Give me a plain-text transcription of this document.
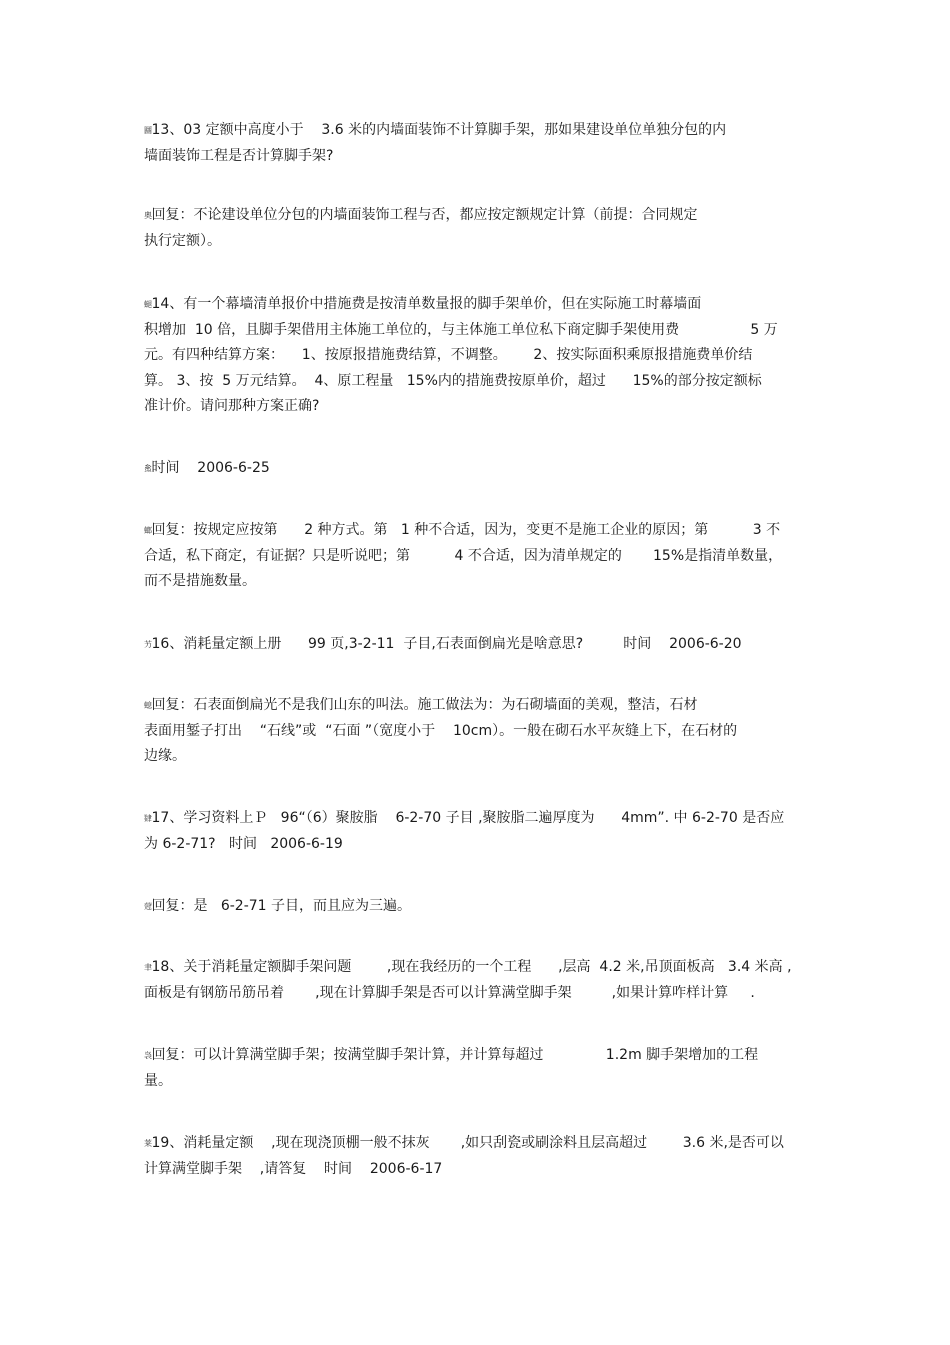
圝13、03 定额中高度小于    3.6 米的内墙面装饰不计算脚手架，那如果建设单位单独分包的内
墙面装饰工程是否计算脚手架?
奧回复：不论建设单位分包的内墙面装饰工程与否，都应按定额规定计算（前提：合同规定
执行定额）。
螁14、有一个幕墙清单报价中措施费是按清单数量报的脚手架单价，但在实际施工时幕墙面
积增加  10 倍，且脚手架借用主体施工单位的，与主体施工单位私下商定脚手架使用费                5 万
元。有四种结算方案：    1、按原报措施费结算，不调整。      2、按实际面积乘原报措施费单价结
算。 3、按  5 万元结算。  4、原工程量   15%内的措施费按原单价，超过      15%的部分按定额标
准计价。请问那种方案正确?
蚃时间    2006-6-25
螂回复：按规定应按第      2 种方式。第   1 种不合适，因为，变更不是施工企业的原因；第          3 不
合适，私下商定，有证据？只是听说吧；第          4 不合适，因为清单规定的       15%是指清单数量，
而不是措施数量。
艻16、消耗量定额上册      99 页,3-2-11  子目,石表面倒扁光是啥意思?         时间    2006-6-20
螅回复：石表面倒扁光不是我们山东的叫法。施工做法为：为石砌墙面的美观，整洁，石材
表面用錾子打出    “石线”或  “石面 ”（宽度小于    10cm）。一般在砌石水平灰缝上下，在石材的
边缘。
肄17、学习资料上Ｐ   96“（6）聚胺脂    6-2-70 子目 ,聚胺脂二遍厚度为      4mm”. 中 6-2-70 是否应
为 6-2-71?   时间   2006-6-19
蒄回复：是   6-2-71 子目，而且应为三遍。
聿18、关于消耗量定额脚手架问题        ,现在我经历的一个工程      ,层高  4.2 米,吊顶面板高   3.4 米高 ,
面板是有钢筋吊筋吊着       ,现在计算脚手架是否可以计算满堂脚手架         ,如果计算咋样计算     .
袅回复：可以计算满堂脚手架；按满堂脚手架计算，并计算每超过              1.2m 脚手架增加的工程
量。
莱19、消耗量定额    ,现在现浇顶棚一般不抹灰       ,如只刮瓷或刷涂料且层高超过        3.6 米,是否可以
计算满堂脚手架    ,请答复    时间    2006-6-17
